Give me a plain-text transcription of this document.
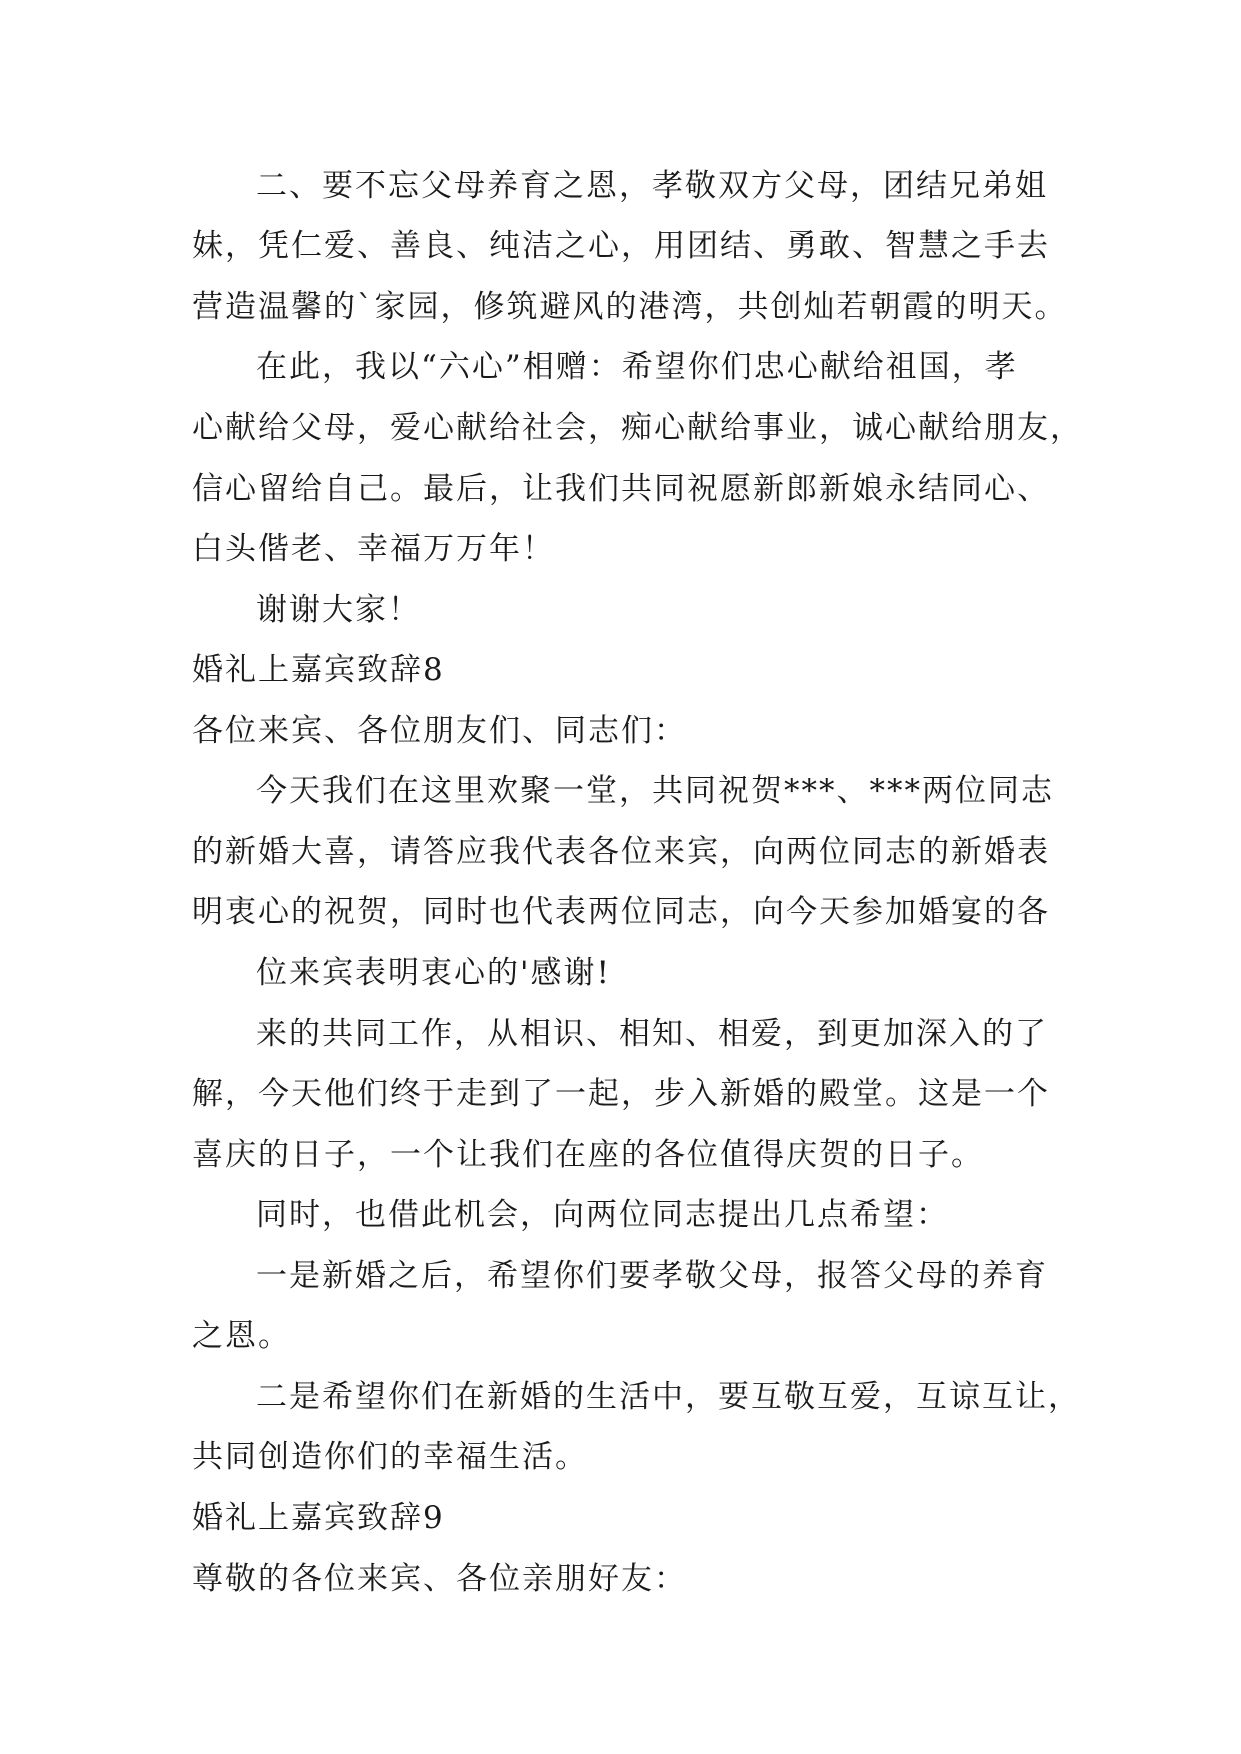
二、要不忘父母养育之恩，孝敬双方父母，团结兄弟姐
妹，凭仁爱、善良、纯洁之心，用团结、勇敢、智慧之手去
营造温馨的`家园，修筑避风的港湾，共创灿若朝霞的明天。
在此，我以“六心”相赠：希望你们忠心献给祖国，孝
心献给父母，爱心献给社会，痴心献给事业，诚心献给朋友，
信心留给自己。最后，让我们共同祝愿新郎新娘永结同心、
白头偕老、幸福万万年！
谢谢大家！
婚礼上嘉宾致辞8
各位来宾、各位朋友们、同志们：
今天我们在这里欢聚一堂，共同祝贺***、***两位同志
的新婚大喜，请答应我代表各位来宾，向两位同志的新婚表
明衷心的祝贺，同时也代表两位同志，向今天参加婚宴的各
位来宾表明衷心的'感谢!
来的共同工作，从相识、相知、相爱，到更加深入的了
解，今天他们终于走到了一起，步入新婚的殿堂。这是一个
喜庆的日子，一个让我们在座的各位值得庆贺的日子。
同时，也借此机会，向两位同志提出几点希望：
一是新婚之后，希望你们要孝敬父母，报答父母的养育
之恩。
二是希望你们在新婚的生活中，要互敬互爱，互谅互让，
共同创造你们的幸福生活。
婚礼上嘉宾致辞9
尊敬的各位来宾、各位亲朋好友：
